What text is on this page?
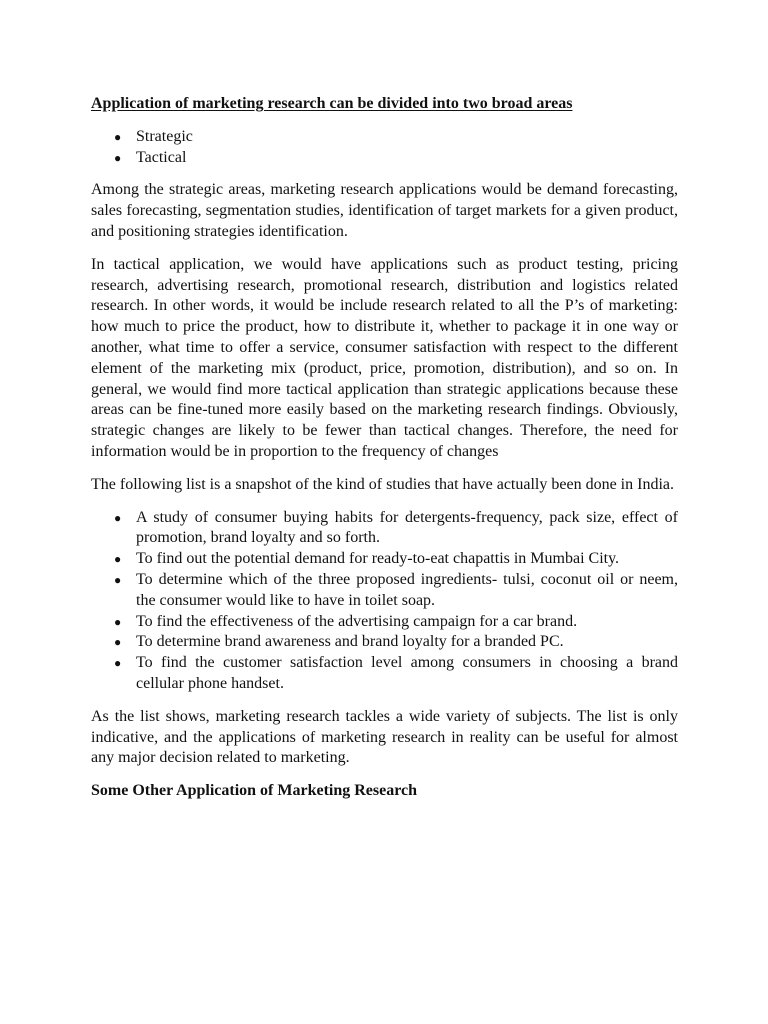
Application of marketing research can be divided into two broad areas
● Strategic
● Tactical

Among the strategic areas, marketing research applications would be demand forecasting, sales forecasting, segmentation studies, identification of target markets for a given product, and positioning strategies identification.

In tactical application, we would have applications such as product testing, pricing research, advertising research, promotional research, distribution and logistics related research. In other words, it would be include research related to all the P’s of marketing: how much to price the product, how to distribute it, whether to package it in one way or another, what time to offer a service, consumer satisfaction with respect to the different element of the marketing mix (product, price, promotion, distribution), and so on. In general, we would find more tactical application than strategic applications because these areas can be fine-tuned more easily based on the marketing research findings. Obviously, strategic changes are likely to be fewer than tactical changes. Therefore, the need for information would be in proportion to the frequency of changes

The following list is a snapshot of the kind of studies that have actually been done in India.

● A study of consumer buying habits for detergents-frequency, pack size, effect of promotion, brand loyalty and so forth.
● To find out the potential demand for ready-to-eat chapattis in Mumbai City.
● To determine which of the three proposed ingredients- tulsi, coconut oil or neem, the consumer would like to have in toilet soap.
● To find the effectiveness of the advertising campaign for a car brand.
● To determine brand awareness and brand loyalty for a branded PC.
● To find the customer satisfaction level among consumers in choosing a brand cellular phone handset.

As the list shows, marketing research tackles a wide variety of subjects. The list is only indicative, and the applications of marketing research in reality can be useful for almost any major decision related to marketing.

Some Other Application of Marketing Research
